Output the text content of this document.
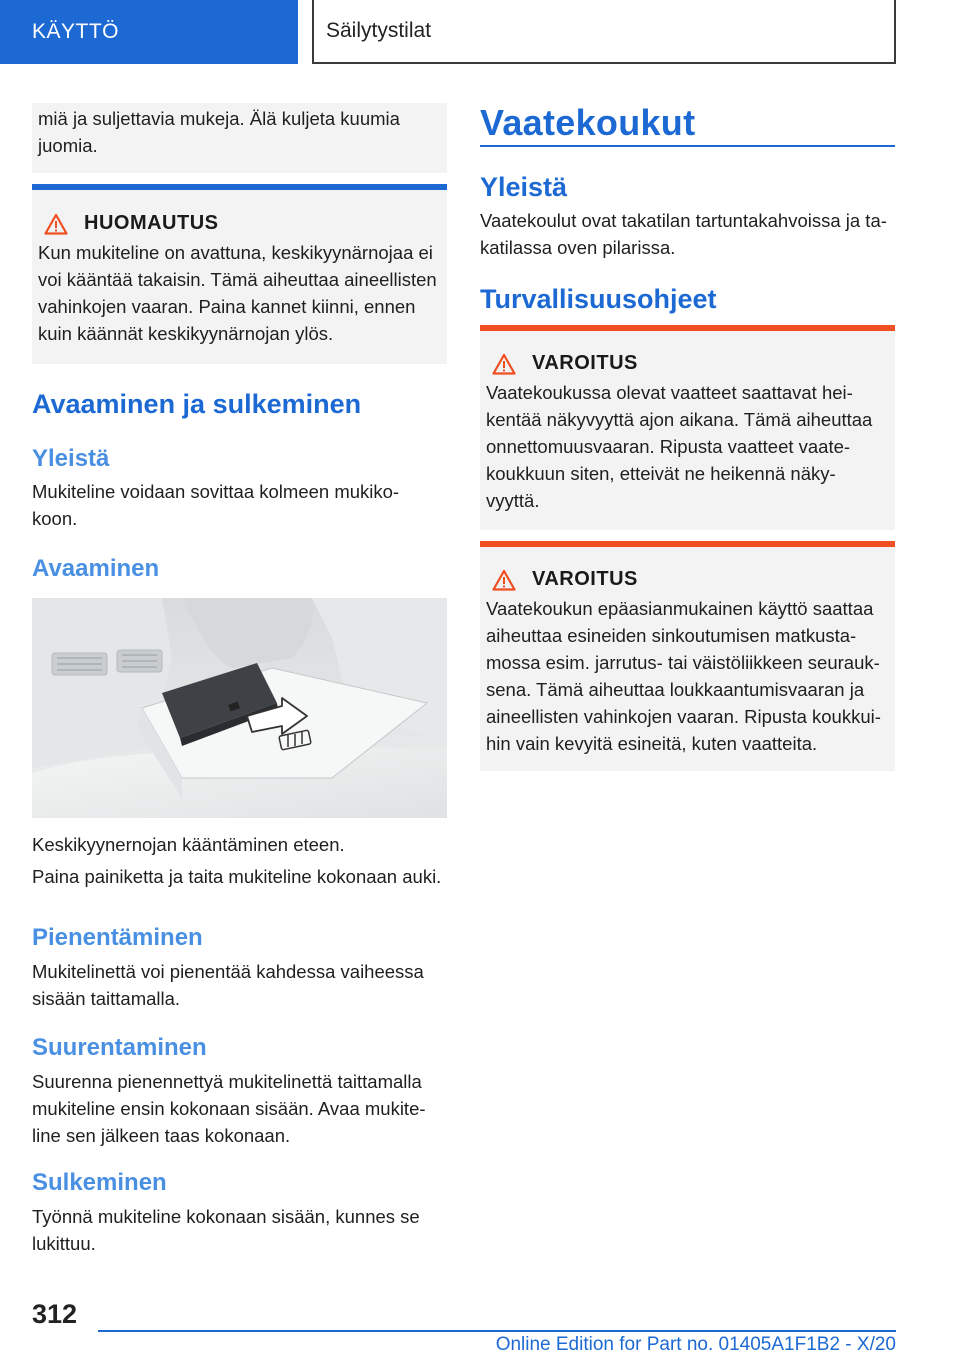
KÄYTTÖ	Säilytystilat
miä ja suljettavia mukeja. Älä kuljeta kuumia
juomia.
HUOMAUTUS
Kun mukiteline on avattuna, keskikyynärnojaa ei
voi kääntää takaisin. Tämä aiheuttaa aineellisten
vahinkojen vaaran. Paina kannet kiinni, ennen
kuin käännät keskikyynärnojan ylös.
Avaaminen ja sulkeminen
Yleistä
Mukiteline voidaan sovittaa kolmeen mukiko-
koon.
Avaaminen
Keskikyynernojan kääntäminen eteen.
Paina painiketta ja taita mukiteline kokonaan auki.
Pienentäminen
Mukitelinettä voi pienentää kahdessa vaiheessa
sisään taittamalla.
Suurentaminen
Suurenna pienennettyä mukitelinettä taittamalla
mukiteline ensin kokonaan sisään. Avaa mukite-
line sen jälkeen taas kokonaan.
Sulkeminen
Työnnä mukiteline kokonaan sisään, kunnes se
lukittuu.
Vaatekoukut
Yleistä
Vaatekoulut ovat takatilan tartuntakahvoissa ja ta-
katilassa oven pilarissa.
Turvallisuusohjeet
VAROITUS
Vaatekoukussa olevat vaatteet saattavat hei-
kentää näkyvyyttä ajon aikana. Tämä aiheuttaa
onnettomuusvaaran. Ripusta vaatteet vaate-
koukkuun siten, etteivät ne heikennä näky-
vyyttä.
VAROITUS
Vaatekoukun epäasianmukainen käyttö saattaa
aiheuttaa esineiden sinkoutumisen matkusta-
mossa esim. jarrutus- tai väistöliikkeen seurauk-
sena. Tämä aiheuttaa loukkaantumisvaaran ja
aineellisten vahinkojen vaaran. Ripusta koukkui-
hin vain kevyitä esineitä, kuten vaatteita.
312
Online Edition for Part no. 01405A1F1B2 - X/20
